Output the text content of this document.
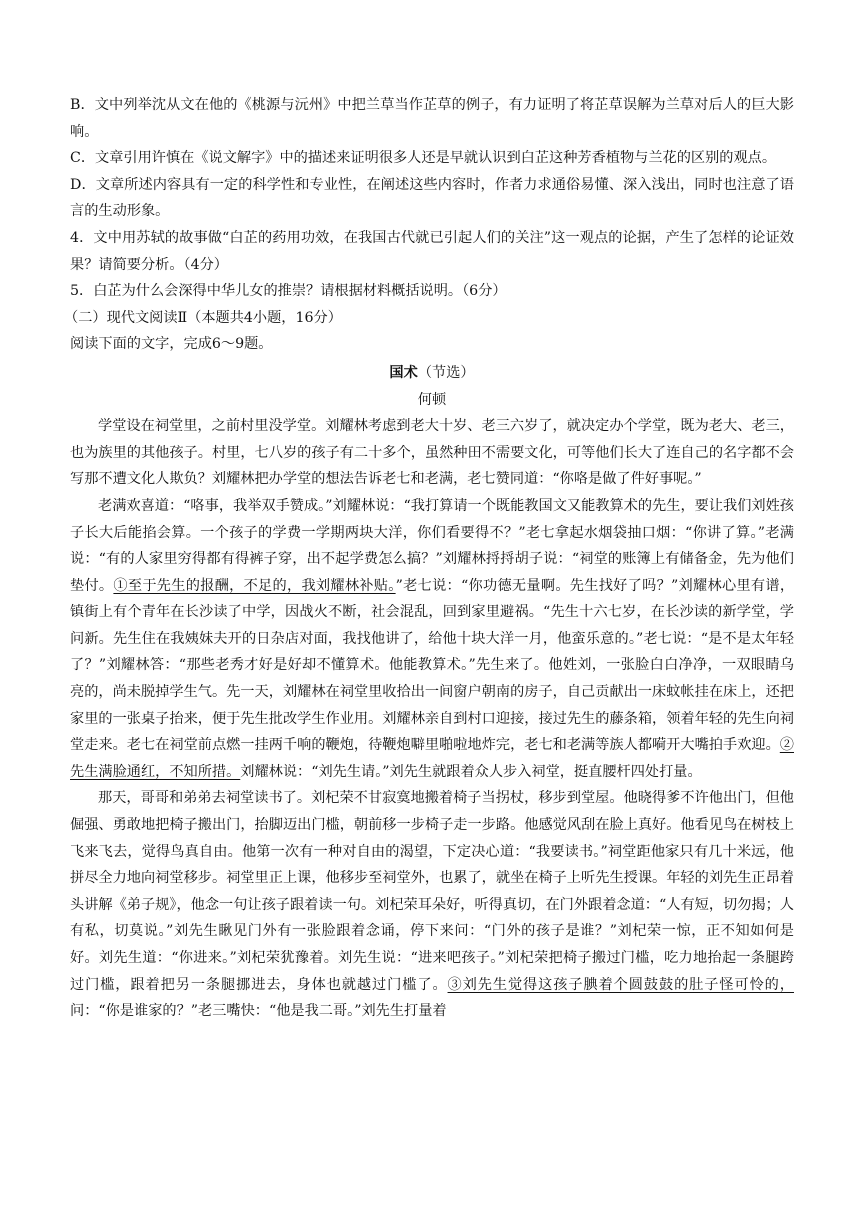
B．文中列举沈从文在他的《桃源与沅州》中把兰草当作芷草的例子，有力证明了将芷草误解为兰草对后人的巨大影响。

C．文章引用许慎在《说文解字》中的描述来证明很多人还是早就认识到白芷这种芳香植物与兰花的区别的观点。

D．文章所述内容具有一定的科学性和专业性，在阐述这些内容时，作者力求通俗易懂、深入浅出，同时也注意了语言的生动形象。

4．文中用苏轼的故事做“白芷的药用功效，在我国古代就已引起人们的关注”这一观点的论据，产生了怎样的论证效果？请简要分析。（4分）

5．白芷为什么会深得中华儿女的推崇？请根据材料概括说明。（6分）

（二）现代文阅读Ⅱ（本题共4小题，16分）

阅读下面的文字，完成6～9题。

国术（节选）

何顿

学堂设在祠堂里，之前村里没学堂。刘耀林考虑到老大十岁、老三六岁了，就决定办个学堂，既为老大、老三，也为族里的其他孩子。村里，七八岁的孩子有二十多个，虽然种田不需要文化，可等他们长大了连自己的名字都不会写那不遭文化人欺负？刘耀林把办学堂的想法告诉老七和老满，老七赞同道：“你咯是做了件好事呢。”

老满欢喜道：“咯事，我举双手赞成。”刘耀林说：“我打算请一个既能教国文又能教算术的先生，要让我们刘姓孩子长大后能掐会算。一个孩子的学费一学期两块大洋，你们看要得不？”老七拿起水烟袋抽口烟：“你讲了算。”老满说：“有的人家里穷得都有得裤子穿，出不起学费怎么搞？”刘耀林捋捋胡子说：“祠堂的账簿上有储备金，先为他们垫付。①至于先生的报酬，不足的，我刘耀林补贴。”老七说：“你功德无量啊。先生找好了吗？”刘耀林心里有谱，镇街上有个青年在长沙读了中学，因战火不断，社会混乱，回到家里避祸。“先生十六七岁，在长沙读的新学堂，学问新。先生住在我姨妹夫开的日杂店对面，我找他讲了，给他十块大洋一月，他蛮乐意的。”老七说：“是不是太年轻了？”刘耀林答：“那些老秀才好是好却不懂算术。他能教算术。”先生来了。他姓刘，一张脸白白净净，一双眼睛乌亮的，尚未脱掉学生气。先一天，刘耀林在祠堂里收拾出一间窗户朝南的房子，自己贡献出一床蚊帐挂在床上，还把家里的一张桌子抬来，便于先生批改学生作业用。刘耀林亲自到村口迎接，接过先生的藤条箱，领着年轻的先生向祠堂走来。老七在祠堂前点燃一挂两千响的鞭炮，待鞭炮噼里啪啦地炸完，老七和老满等族人都嗬开大嘴拍手欢迎。②先生满脸通红，不知所措。刘耀林说：“刘先生请。”刘先生就跟着众人步入祠堂，挺直腰杆四处打量。

那天，哥哥和弟弟去祠堂读书了。刘杞荣不甘寂寞地搬着椅子当拐杖，移步到堂屋。他晓得爹不许他出门，但他倔强、勇敢地把椅子搬出门，抬脚迈出门槛，朝前移一步椅子走一步路。他感觉风刮在脸上真好。他看见鸟在树枝上飞来飞去，觉得鸟真自由。他第一次有一种对自由的渴望，下定决心道：“我要读书。”祠堂距他家只有几十米远，他拼尽全力地向祠堂移步。祠堂里正上课，他移步至祠堂外，也累了，就坐在椅子上听先生授课。年轻的刘先生正昂着头讲解《弟子规》，他念一句让孩子跟着读一句。刘杞荣耳朵好，听得真切，在门外跟着念道：“人有短，切勿揭；人有私，切莫说。”刘先生瞅见门外有一张脸跟着念诵，停下来问：“门外的孩子是谁？”刘杞荣一惊，正不知如何是好。刘先生道：“你进来。”刘杞荣犹豫着。刘先生说：“进来吧孩子。”刘杞荣把椅子搬过门槛，吃力地抬起一条腿跨过门槛，跟着把另一条腿挪进去，身体也就越过门槛了。③刘先生觉得这孩子腆着个圆鼓鼓的肚子怪可怜的，问：“你是谁家的？”老三嘴快：“他是我二哥。”刘先生打量着
